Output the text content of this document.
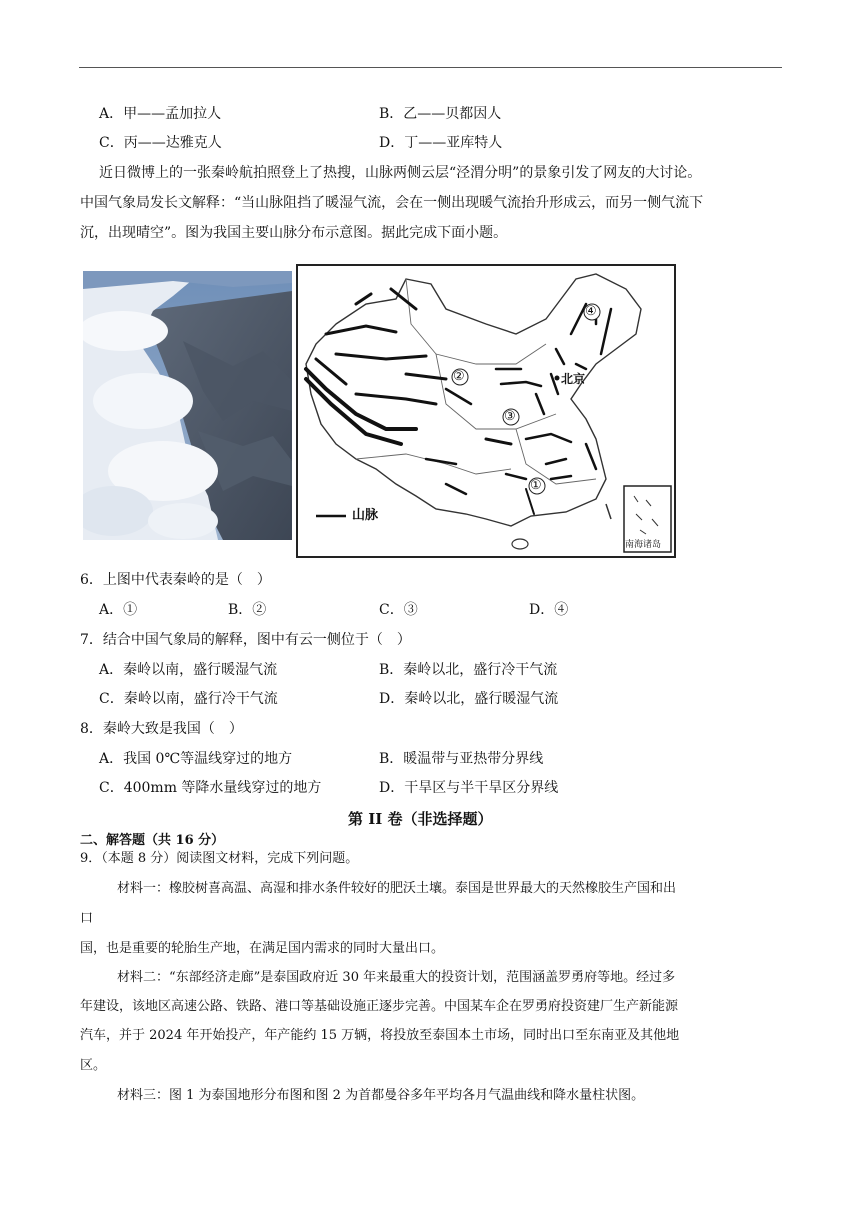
A．甲——孟加拉人	B．乙——贝都因人
C．丙——达雅克人	D．丁——亚库特人
近日微博上的一张秦岭航拍照登上了热搜，山脉两侧云层“泾渭分明”的景象引发了网友的大讨论。
中国气象局发长文解释：“当山脉阻挡了暖湿气流，会在一侧出现暖气流抬升形成云，而另一侧气流下
沉，出现晴空”。图为我国主要山脉分布示意图。据此完成下面小题。
④
②
③
①
北京
山脉
南海诸岛
6．上图中代表秦岭的是（　）
A．①	B．②	C．③	D．④
7．结合中国气象局的解释，图中有云一侧位于（　）
A．秦岭以南，盛行暖湿气流	B．秦岭以北，盛行冷干气流
C．秦岭以南，盛行冷干气流	D．秦岭以北，盛行暖湿气流
8．秦岭大致是我国（　）
A．我国 0℃等温线穿过的地方	B．暖温带与亚热带分界线
C．400mm 等降水量线穿过的地方	D．干旱区与半干旱区分界线
第 II 卷（非选择题）
二、解答题（共 16 分）
9．（本题 8 分）阅读图文材料，完成下列问题。
材料一：橡胶树喜高温、高湿和排水条件较好的肥沃土壤。泰国是世界最大的天然橡胶生产国和出
口
国，也是重要的轮胎生产地，在满足国内需求的同时大量出口。
材料二：“东部经济走廊”是泰国政府近 30 年来最重大的投资计划，范围涵盖罗勇府等地。经过多
年建设，该地区高速公路、铁路、港口等基础设施正逐步完善。中国某车企在罗勇府投资建厂生产新能源
汽车，并于 2024 年开始投产，年产能约 15 万辆，将投放至泰国本土市场，同时出口至东南亚及其他地
区。
材料三：图 1 为泰国地形分布图和图 2 为首都曼谷多年平均各月气温曲线和降水量柱状图。
